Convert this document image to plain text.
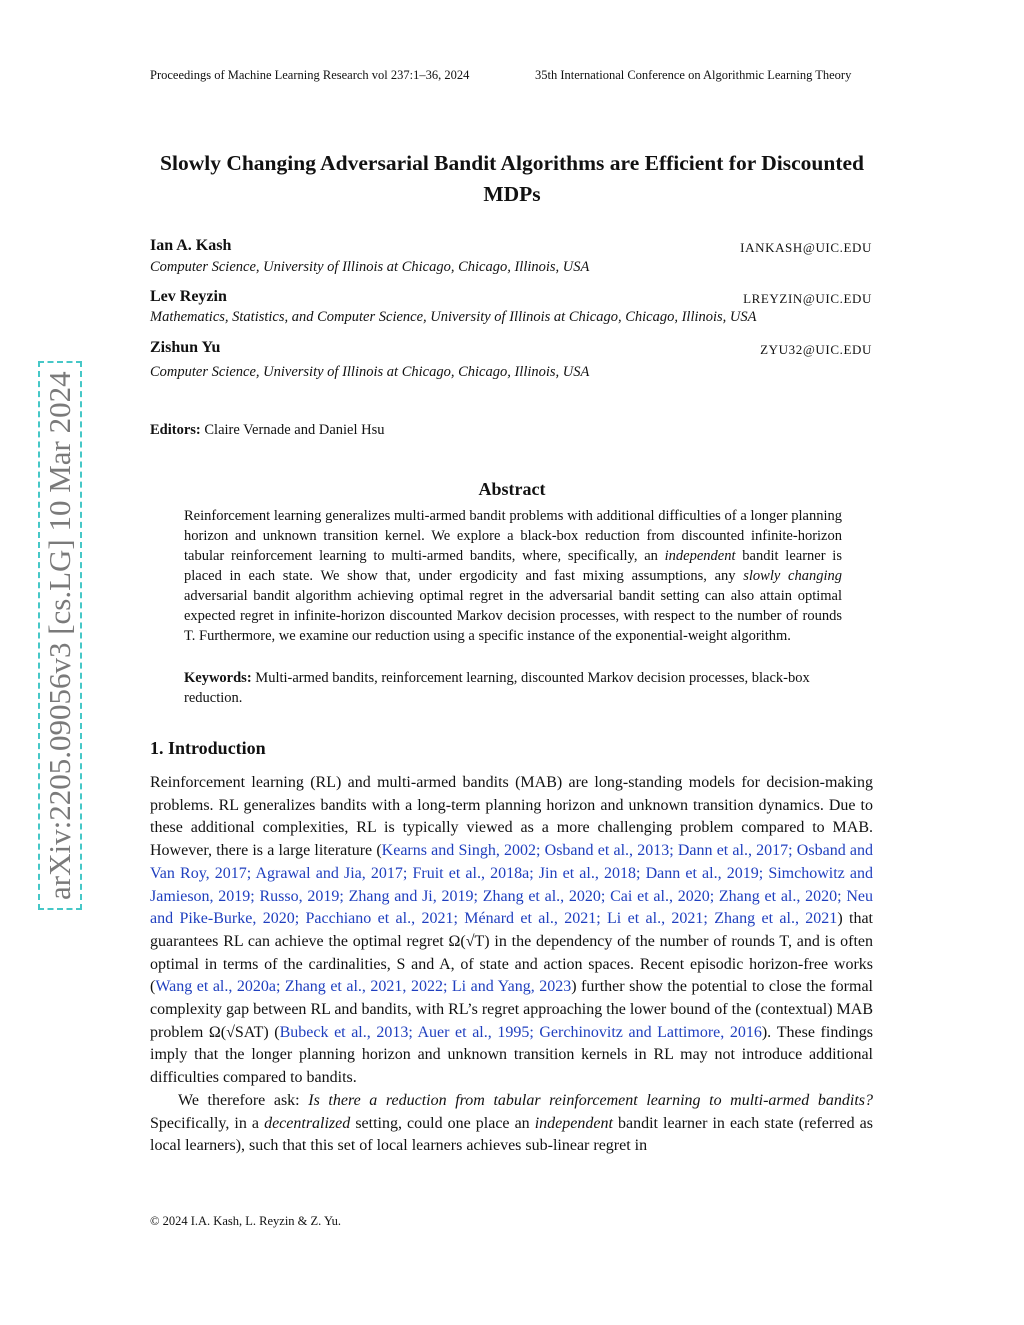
Proceedings of Machine Learning Research vol 237:1–36, 2024	35th International Conference on Algorithmic Learning Theory
arXiv:2205.09056v3 [cs.LG] 10 Mar 2024
Slowly Changing Adversarial Bandit Algorithms are Efficient for Discounted MDPs
Ian A. Kash	IANKASH@UIC.EDU
Computer Science, University of Illinois at Chicago, Chicago, Illinois, USA
Lev Reyzin	LREYZIN@UIC.EDU
Mathematics, Statistics, and Computer Science, University of Illinois at Chicago, Chicago, Illinois, USA
Zishun Yu	ZYU32@UIC.EDU
Computer Science, University of Illinois at Chicago, Chicago, Illinois, USA
Editors: Claire Vernade and Daniel Hsu
Abstract

Reinforcement learning generalizes multi-armed bandit problems with additional difficulties of a longer planning horizon and unknown transition kernel. We explore a black-box reduction from discounted infinite-horizon tabular reinforcement learning to multi-armed bandits, where, specifically, an independent bandit learner is placed in each state. We show that, under ergodicity and fast mixing assumptions, any slowly changing adversarial bandit algorithm achieving optimal regret in the adversarial bandit setting can also attain optimal expected regret in infinite-horizon discounted Markov decision processes, with respect to the number of rounds T. Furthermore, we examine our reduction using a specific instance of the exponential-weight algorithm.

Keywords: Multi-armed bandits, reinforcement learning, discounted Markov decision processes, black-box reduction.
1. Introduction

Reinforcement learning (RL) and multi-armed bandits (MAB) are long-standing models for decision-making problems. RL generalizes bandits with a long-term planning horizon and unknown transition dynamics. Due to these additional complexities, RL is typically viewed as a more challenging problem compared to MAB. However, there is a large literature (Kearns and Singh, 2002; Osband et al., 2013; Dann et al., 2017; Osband and Van Roy, 2017; Agrawal and Jia, 2017; Fruit et al., 2018a; Jin et al., 2018; Dann et al., 2019; Simchowitz and Jamieson, 2019; Russo, 2019; Zhang and Ji, 2019; Zhang et al., 2020; Cai et al., 2020; Zhang et al., 2020; Neu and Pike-Burke, 2020; Pacchiano et al., 2021; Ménard et al., 2021; Li et al., 2021; Zhang et al., 2021) that guarantees RL can achieve the optimal regret Ω(√T) in the dependency of the number of rounds T, and is often optimal in terms of the cardinalities, S and A, of state and action spaces. Recent episodic horizon-free works (Wang et al., 2020a; Zhang et al., 2021, 2022; Li and Yang, 2023) further show the potential to close the formal complexity gap between RL and bandits, with RL’s regret approaching the lower bound of the (contextual) MAB problem Ω(√SAT) (Bubeck et al., 2013; Auer et al., 1995; Gerchinovitz and Lattimore, 2016). These findings imply that the longer planning horizon and unknown transition kernels in RL may not introduce additional difficulties compared to bandits.

We therefore ask: Is there a reduction from tabular reinforcement learning to multi-armed bandits? Specifically, in a decentralized setting, could one place an independent bandit learner in each state (referred as local learners), such that this set of local learners achieves sub-linear regret in

© 2024 I.A. Kash, L. Reyzin & Z. Yu.
